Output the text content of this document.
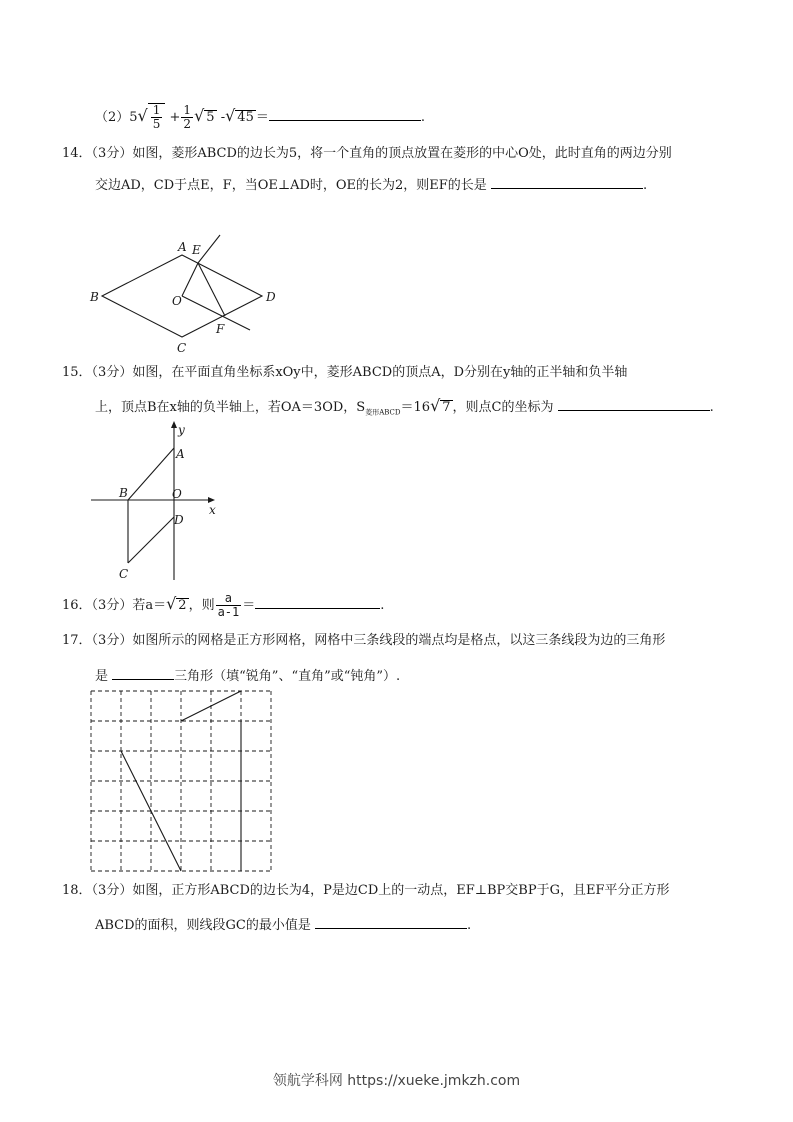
$(2)5√ \frac{1}{5} + \frac{1}{2}$ √ 5 -√ 45 ＝	.
14．（3分）如图，菱形ABCD的边长为5，将一个直角的顶点放置在菱形的中心O处，此时直角的两边分别
交边AD，CD于点E，F，当OE⊥AD时，OE的长为2，则EF的长是	.
A E
B	O	D
F
C
15．（3分）如图，在平面直角坐标系xOy中，菱形ABCD的顶点A，D分别在y轴的正半轴和负半轴
上，顶点B在x轴的负半轴上，若OA＝3OD，$S_{菱形ABCD}=16√$ 7 ，则点C的坐标为	.
y
A
B	O
x
D
C
16．（3分）若a＝√ 2 ，则 $\frac{a}{a-1}$ ＝	.
17．（3分）如图所示的网格是正方形网格，网格中三条线段的端点均是格点，以这三条线段为边的三角形
是	三角形（填“锐角”、“直角”或“钝角”）.
18．（3分）如图，正方形ABCD的边长为4，P是边CD上的一动点，EF⊥BP交BP于G，且EF平分正方形
ABCD的面积，则线段GC的最小值是	.
领航学科网 https://xueke.jmkzh.com
